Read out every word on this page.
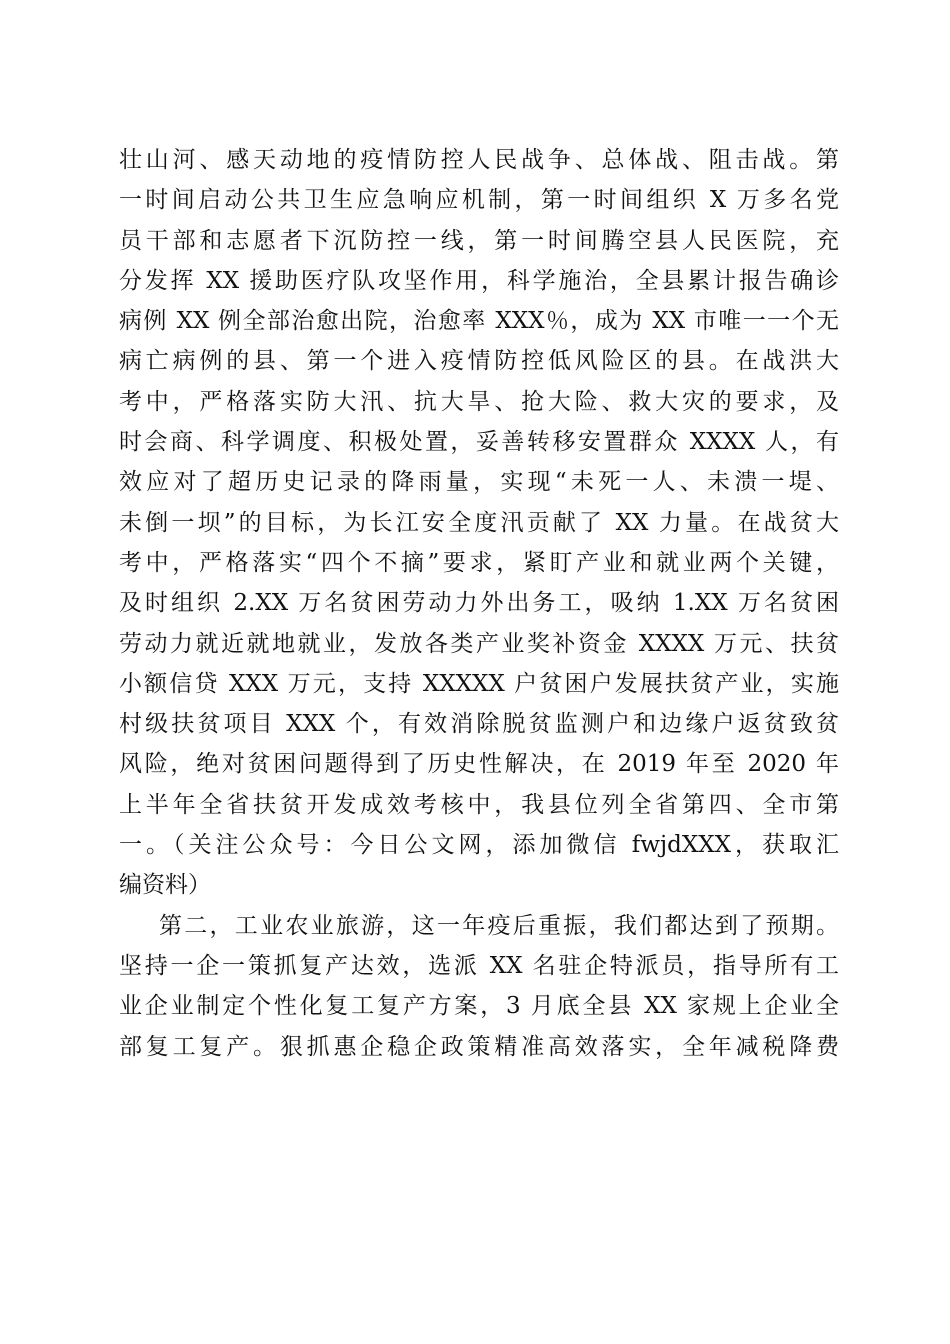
壮山河、感天动地的疫情防控人民战争、总体战、阻击战。第
一时间启动公共卫生应急响应机制，第一时间组织 X 万多名党
员干部和志愿者下沉防控一线，第一时间腾空县人民医院，充
分发挥 XX 援助医疗队攻坚作用，科学施治，全县累计报告确诊
病例 XX 例全部治愈出院，治愈率 XXX％，成为 XX 市唯一一个无
病亡病例的县、第一个进入疫情防控低风险区的县。在战洪大
考中，严格落实防大汛、抗大旱、抢大险、救大灾的要求，及
时会商、科学调度、积极处置，妥善转移安置群众 XXXX 人，有
效应对了超历史记录的降雨量，实现“未死一人、未溃一堤、
未倒一坝”的目标，为长江安全度汛贡献了 XX 力量。在战贫大
考中，严格落实“四个不摘”要求，紧盯产业和就业两个关键，
及时组织 2.XX 万名贫困劳动力外出务工，吸纳 1.XX 万名贫困
劳动力就近就地就业，发放各类产业奖补资金 XXXX 万元、扶贫
小额信贷 XXX 万元，支持 XXXXX 户贫困户发展扶贫产业，实施
村级扶贫项目 XXX 个，有效消除脱贫监测户和边缘户返贫致贫
风险，绝对贫困问题得到了历史性解决，在 2019 年至 2020 年
上半年全省扶贫开发成效考核中，我县位列全省第四、全市第
一。（关注公众号：今日公文网，添加微信 fwjdXXX，获取汇
编资料）
第二，工业农业旅游，这一年疫后重振，我们都达到了预期。
坚持一企一策抓复产达效，选派 XX 名驻企特派员，指导所有工
业企业制定个性化复工复产方案，3 月底全县 XX 家规上企业全
部复工复产。狠抓惠企稳企政策精准高效落实，全年减税降费
